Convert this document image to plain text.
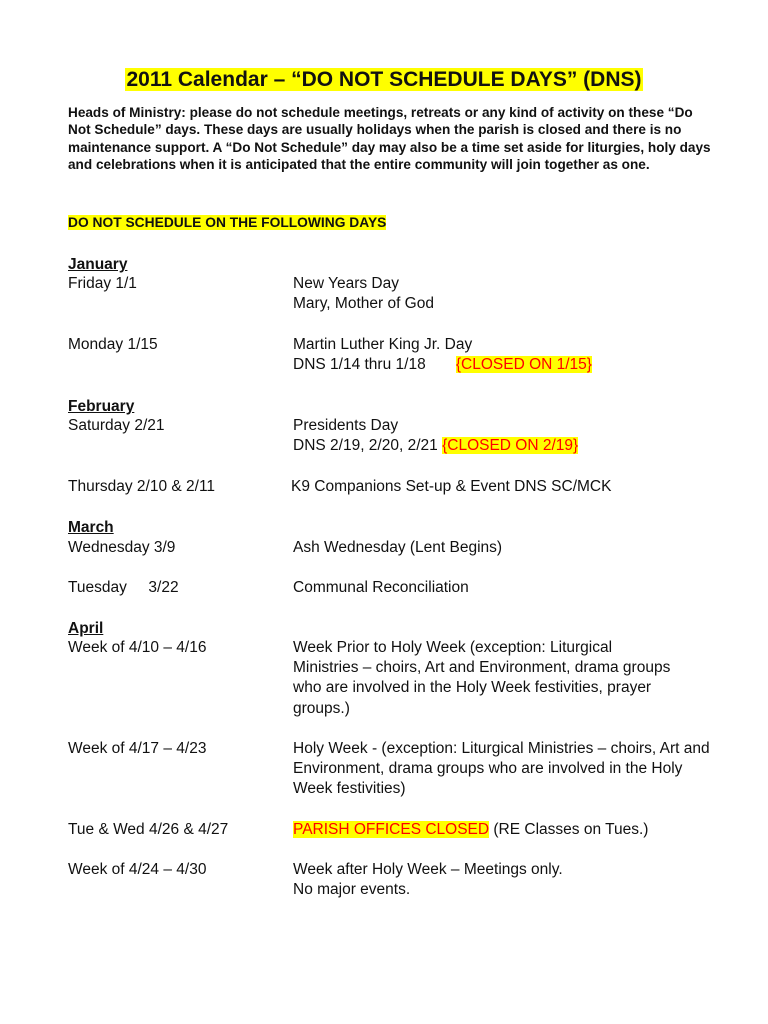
2011 Calendar – “DO NOT SCHEDULE DAYS” (DNS)

Heads of Ministry: please do not schedule meetings, retreats or any kind of activity on these “Do Not Schedule” days. These days are usually holidays when the parish is closed and there is no maintenance support. A “Do Not Schedule” day may also be a time set aside for liturgies, holy days and celebrations when it is anticipated that the entire community will join together as one.

DO NOT SCHEDULE ON THE FOLLOWING DAYS
January
Friday 1/1	New Years Day
Mary, Mother of God
Monday 1/15	Martin Luther King Jr. Day
DNS 1/14 thru 1/18       {CLOSED ON 1/15}
February
Saturday 2/21	Presidents Day
DNS 2/19, 2/20, 2/21 {CLOSED ON 2/19}
Thursday 2/10 & 2/11	K9 Companions Set-up & Event DNS SC/MCK
March
Wednesday 3/9	Ash Wednesday (Lent Begins)
Tuesday     3/22	Communal Reconciliation
April
Week of 4/10 – 4/16	Week Prior to Holy Week (exception: Liturgical Ministries – choirs, Art and Environment, drama groups who are involved in the Holy Week festivities, prayer groups.)
Week of 4/17 – 4/23	Holy Week - (exception: Liturgical Ministries – choirs, Art and Environment, drama groups who are involved in the Holy Week festivities)
Tue & Wed 4/26 & 4/27	PARISH OFFICES CLOSED (RE Classes on Tues.)
Week of 4/24 – 4/30	Week after Holy Week – Meetings only.
No major events.
